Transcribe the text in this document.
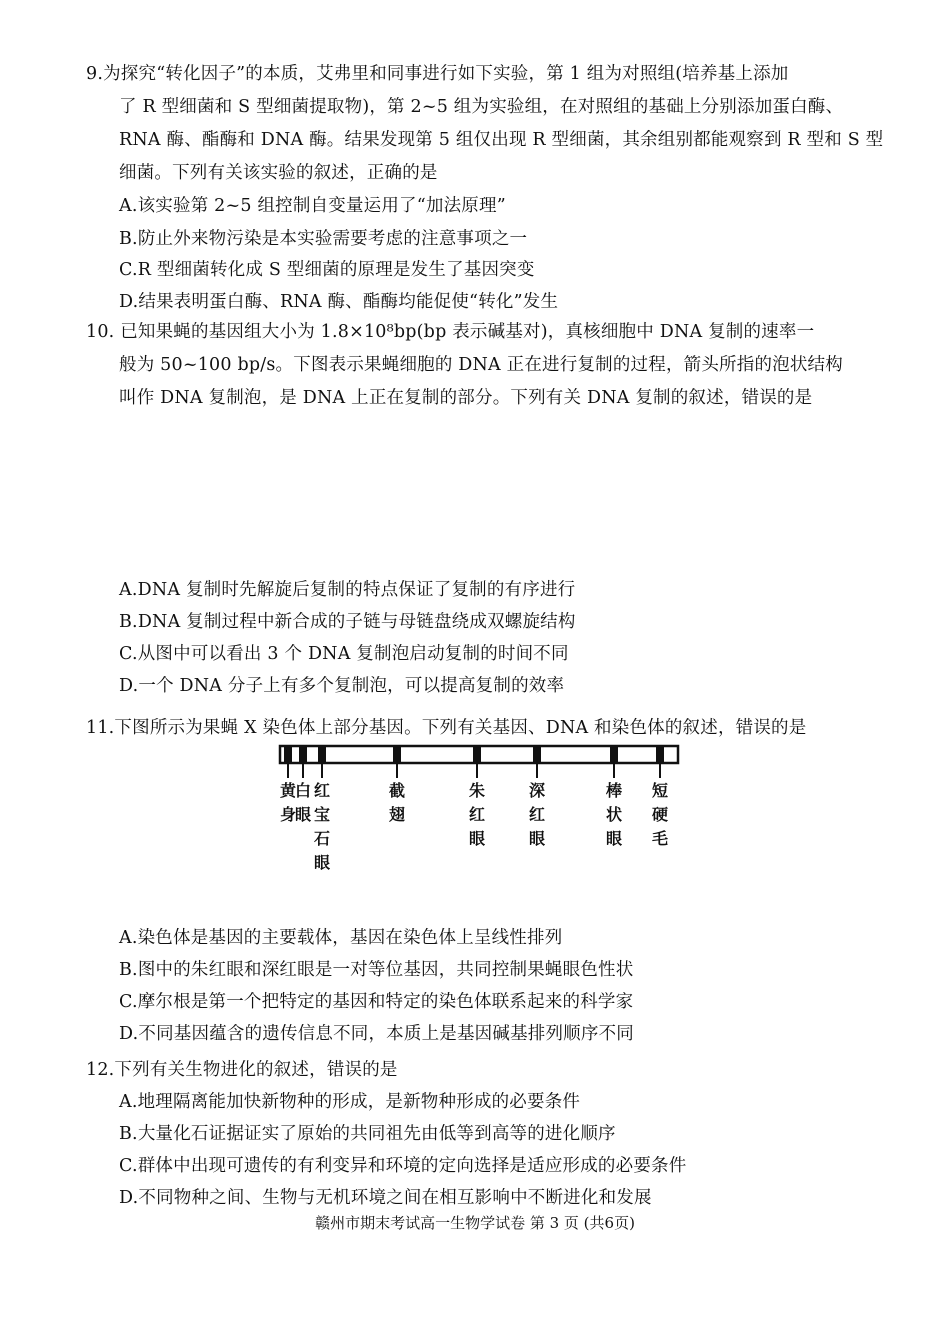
9.为探究“转化因子”的本质，艾弗里和同事进行如下实验，第 1 组为对照组(培养基上添加
了 R 型细菌和 S 型细菌提取物)，第 2~5 组为实验组，在对照组的基础上分别添加蛋白酶、
RNA 酶、酯酶和 DNA 酶。结果发现第 5 组仅出现 R 型细菌，其余组别都能观察到 R 型和 S 型
细菌。下列有关该实验的叙述，正确的是
A.该实验第 2~5 组控制自变量运用了“加法原理”
B.防止外来物污染是本实验需要考虑的注意事项之一
C.R 型细菌转化成 S 型细菌的原理是发生了基因突变
D.结果表明蛋白酶、RNA 酶、酯酶均能促使“转化”发生
10. 已知果蝇的基因组大小为 1.8×10⁸bp(bp 表示碱基对)，真核细胞中 DNA 复制的速率一
般为 50~100 bp/s。下图表示果蝇细胞的 DNA 正在进行复制的过程，箭头所指的泡状结构
叫作 DNA 复制泡，是 DNA 上正在复制的部分。下列有关 DNA 复制的叙述，错误的是
A.DNA 复制时先解旋后复制的特点保证了复制的有序进行
B.DNA 复制过程中新合成的子链与母链盘绕成双螺旋结构
C.从图中可以看出 3 个 DNA 复制泡启动复制的时间不同
D.一个 DNA 分子上有多个复制泡，可以提高复制的效率
11.下图所示为果蝇 X 染色体上部分基因。下列有关基因、DNA 和染色体的叙述，错误的是
黄
身
白
眼
红
宝
石
眼
截
翅
朱
红
眼
深
红
眼
棒
状
眼
短
硬
毛
A.染色体是基因的主要载体，基因在染色体上呈线性排列
B.图中的朱红眼和深红眼是一对等位基因，共同控制果蝇眼色性状
C.摩尔根是第一个把特定的基因和特定的染色体联系起来的科学家
D.不同基因蕴含的遗传信息不同，本质上是基因碱基排列顺序不同
12.下列有关生物进化的叙述，错误的是
A.地理隔离能加快新物种的形成，是新物种形成的必要条件
B.大量化石证据证实了原始的共同祖先由低等到高等的进化顺序
C.群体中出现可遗传的有利变异和环境的定向选择是适应形成的必要条件
D.不同物种之间、生物与无机环境之间在相互影响中不断进化和发展
赣州市期末考试高一生物学试卷 第 3 页 (共6页)
